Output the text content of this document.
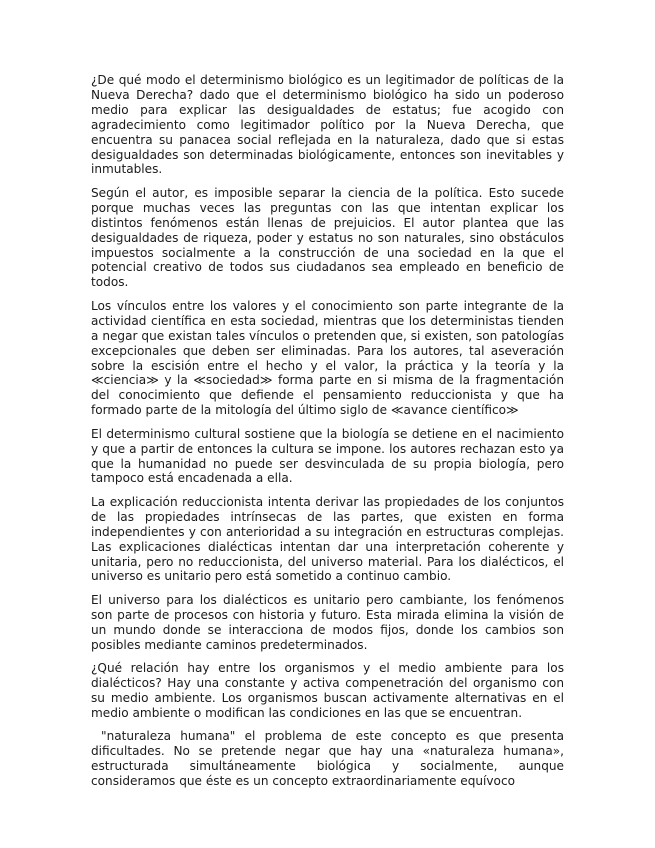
¿De qué modo el determinismo biológico es un legitimador de políticas de la Nueva Derecha? dado que el determinismo biológico ha sido un poderoso medio para explicar las desigualdades de estatus; fue acogido con agradecimiento como legitimador político por la Nueva Derecha, que encuentra su panacea social reflejada en la naturaleza, dado que si estas desigualdades son determinadas biológicamente, entonces son inevitables y inmutables.

Según el autor, es imposible separar la ciencia de la política. Esto sucede porque muchas veces las preguntas con las que intentan explicar los distintos fenómenos están llenas de prejuicios. El autor plantea que las desigualdades de riqueza, poder y estatus no son naturales, sino obstáculos impuestos socialmente a la construcción de una sociedad en la que el potencial creativo de todos sus ciudadanos sea empleado en beneficio de todos.

Los vínculos entre los valores y el conocimiento son parte integrante de la actividad científica en esta sociedad, mientras que los deterministas tienden a negar que existan tales vínculos o pretenden que, si existen, son patologías excepcionales que deben ser eliminadas. Para los autores, tal aseveración sobre la escisión entre el hecho y el valor, la práctica y la teoría y la ≪ciencia≫ y la ≪sociedad≫ forma parte en si misma de la fragmentación del conocimiento que defiende el pensamiento reduccionista y que ha formado parte de la mitología del último siglo de ≪avance científico≫

El determinismo cultural sostiene que la biología se detiene en el nacimiento y que a partir de entonces la cultura se impone. los autores rechazan esto ya que la humanidad no puede ser desvinculada de su propia biología, pero tampoco está encadenada a ella.

La explicación reduccionista intenta derivar las propiedades de los conjuntos de las propiedades intrínsecas de las partes, que existen en forma independientes y con anterioridad a su integración en estructuras complejas. Las explicaciones dialécticas intentan dar una interpretación coherente y unitaria, pero no reduccionista, del universo material. Para los dialécticos, el universo es unitario pero está sometido a continuo cambio.

El universo para los dialécticos es unitario pero cambiante, los fenómenos son parte de procesos con historia y futuro. Esta mirada elimina la visión de un mundo donde se interacciona de modos fijos, donde los cambios son posibles mediante caminos predeterminados.

¿Qué relación hay entre los organismos y el medio ambiente para los dialécticos? Hay una constante y activa compenetración del organismo con su medio ambiente. Los organismos buscan activamente alternativas en el medio ambiente o modifican las condiciones en las que se encuentran.

"naturaleza humana" el problema de este concepto es que presenta dificultades. No se pretende negar que hay una «naturaleza humana», estructurada simultáneamente biológica y socialmente, aunque consideramos que éste es un concepto extraordinariamente equívoco
